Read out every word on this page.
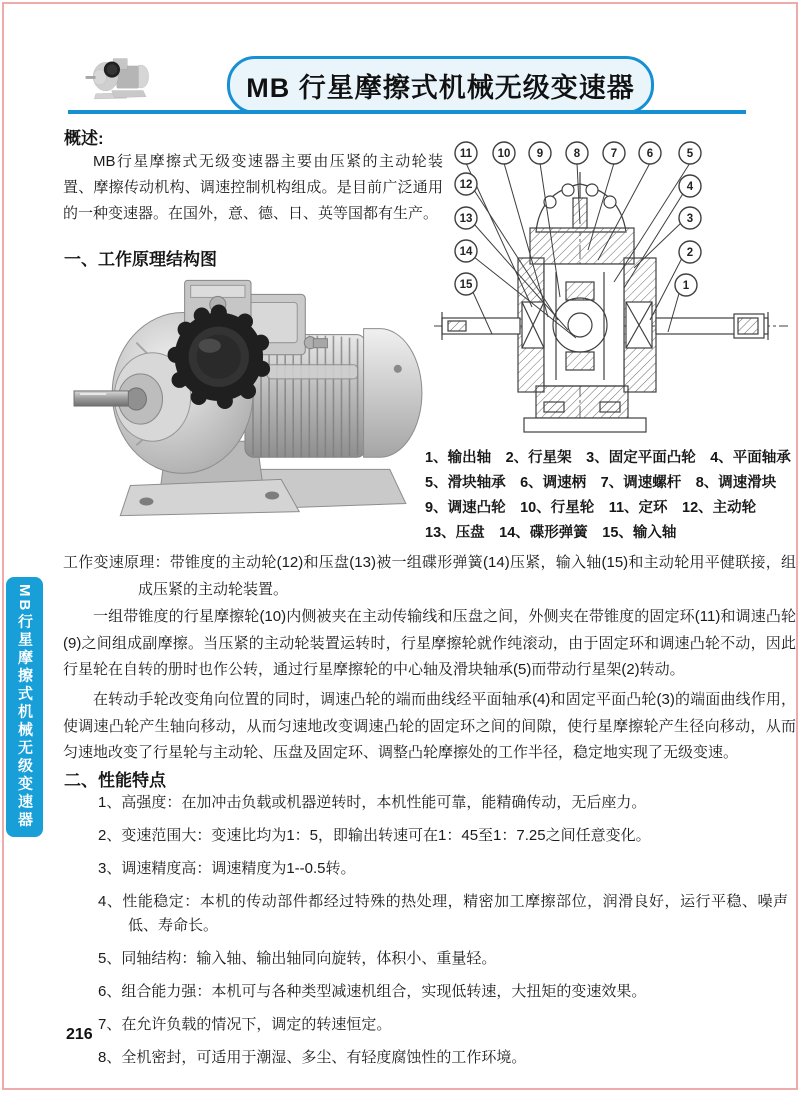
MB 行星摩擦式机械无级变速器
概述:
MB行星摩擦式无级变速器主要由压紧的主动轮装置、摩擦传动机构、调速控制机构组成。是目前广泛通用的一种变速器。在国外，意、德、日、英等国都有生产。
一、工作原理结构图
11 10 9	8	7	6	5
4
3
2
1
12
13
14
15
1、输出轴　2、行星架　3、固定平面凸轮　4、平面轴承
5、滑块轴承　6、调速柄　7、调速螺杆　8、调速滑块
9、调速凸轮　10、行星轮　11、定环　12、主动轮
13、压盘　14、碟形弹簧　15、输入轴
工作变速原理：带锥度的主动轮(12)和压盘(13)被一组碟形弹簧(14)压紧，输入轴(15)和主动轮用平健联接，组成压紧的主动轮装置。
一组带锥度的行星摩擦轮(10)内侧被夹在主动传输线和压盘之间，外侧夹在带锥度的固定环(11)和调速凸轮(9)之间组成副摩擦。当压紧的主动轮装置运转时，行星摩擦轮就作纯滚动，由于固定环和调速凸轮不动，因此行星轮在自转的册时也作公转，通过行星摩擦轮的中心轴及滑块轴承(5)而带动行星架(2)转动。
在转动手轮改变角向位置的同时，调速凸轮的端而曲线经平面轴承(4)和固定平面凸轮(3)的端面曲线作用，使调速凸轮产生轴向移动，从而匀速地改变调速凸轮的固定环之间的间隙，使行星摩擦轮产生径向移动，从而匀速地改变了行星轮与主动轮、压盘及固定环、调整凸轮摩擦处的工作半径，稳定地实现了无级变速。
二、性能特点
1、高强度：在加冲击负载或机器逆转时，本机性能可靠，能精确传动，无后座力。
2、变速范围大：变速比均为1：5，即输出转速可在1：45至1：7.25之间任意变化。
3、调速精度高：调速精度为1--0.5转。
4、性能稳定：本机的传动部件都经过特殊的热处理，精密加工摩擦部位，润滑良好，运行平稳、噪声低、寿命长。
5、同轴结构：输入轴、输出轴同向旋转，体积小、重量轻。
6、组合能力强：本机可与各种类型减速机组合，实现低转速，大扭矩的变速效果。
7、在允许负载的情况下，调定的转速恒定。
8、全机密封，可适用于潮湿、多尘、有轻度腐蚀性的工作环境。
MB行星摩擦式机械无级变速器
216
